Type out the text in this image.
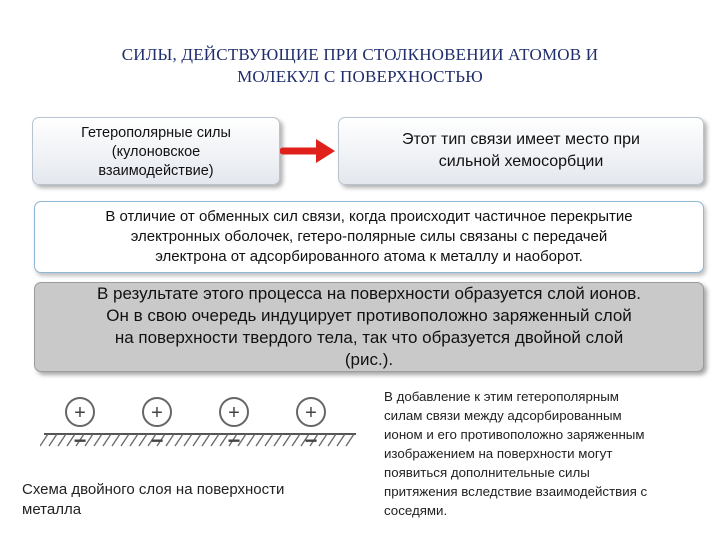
СИЛЫ, ДЕЙСТВУЮЩИЕ ПРИ СТОЛКНОВЕНИИ АТОМОВ И
МОЛЕКУЛ С ПОВЕРХНОСТЬЮ
Гетерополярные силы
(кулоновское
взаимодействие)
Этот тип связи имеет место при
сильной хемосорбции
В отличие от обменных сил связи, когда происходит частичное перекрытие
электронных оболочек, гетеро-полярные силы связаны с передачей
электрона от адсорбированного атома к металлу и наоборот.
В результате этого процесса на поверхности образуется слой ионов.
Он в свою очередь индуцирует противоположно заряженный слой
на поверхности твердого тела, так что образуется двойной слой
(рис.).
+	+	+	+
−	−	−	−
Схема двойного слоя на поверхности
металла
В добавление к этим гетерополярным
силам связи между адсорбированным
ионом и его противоположно заряженным
изображением на поверхности могут
появиться дополнительные силы
притяжения вследствие взаимодействия с
соседями.
